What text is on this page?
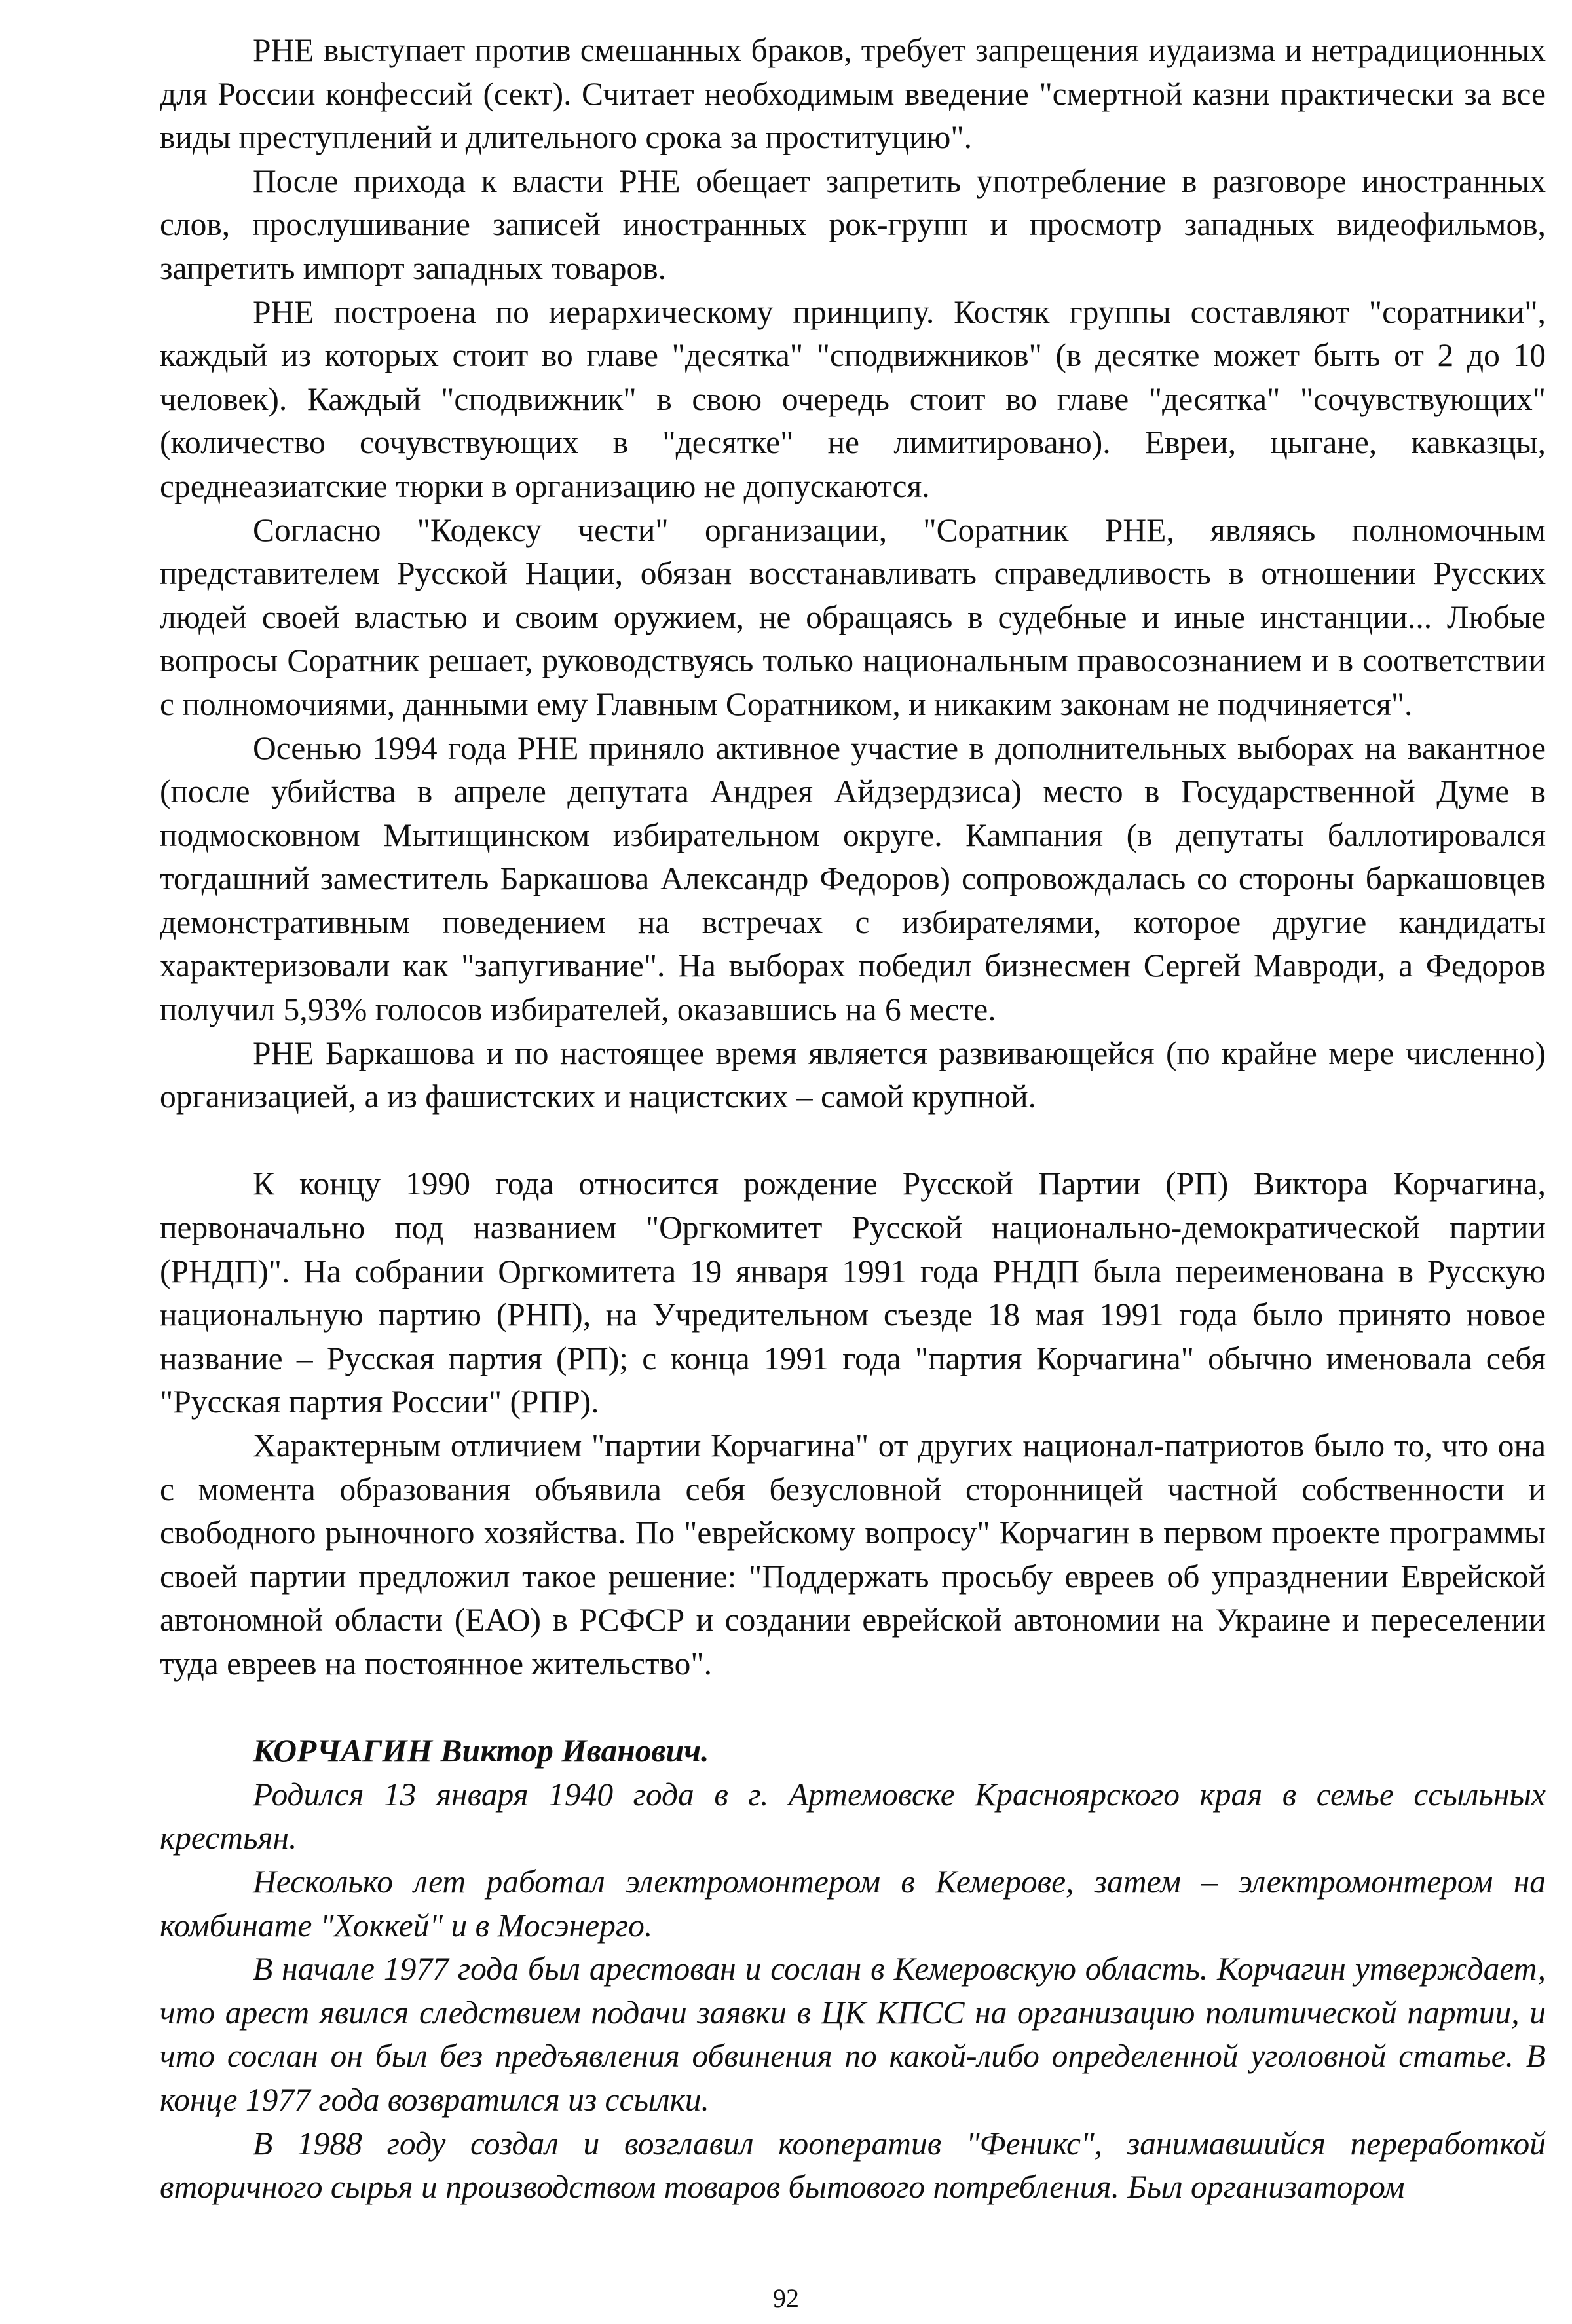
РНЕ выступает против смешанных браков, требует запрещения иудаизма и нетрадиционных для России конфессий (сект). Считает необходимым введение "смертной казни практически за все виды преступлений и длительного срока за проституцию".

После прихода к власти РНЕ обещает запретить употребление в разговоре иностранных слов, прослушивание записей иностранных рок-групп и просмотр западных видеофильмов, запретить импорт западных товаров.

РНЕ построена по иерархическому принципу. Костяк группы составляют "соратники", каждый из которых стоит во главе "десятка" "сподвижников" (в десятке может быть от 2 до 10 человек). Каждый "сподвижник" в свою очередь стоит во главе "десятка" "сочувствующих" (количество сочувствующих в "десятке" не лимитировано). Евреи, цыгане, кавказцы, среднеазиатские тюрки в организацию не допускаются.

Согласно "Кодексу чести" организации, "Соратник РНЕ, являясь полномочным представителем Русской Нации, обязан восстанавливать справедливость в отношении Русских людей своей властью и своим оружием, не обращаясь в судебные и иные инстанции... Любые вопросы Соратник решает, руководствуясь только национальным правосознанием и в соответствии с полномочиями, данными ему Главным Соратником, и никаким законам не подчиняется".

Осенью 1994 года РНЕ приняло активное участие в дополнительных выборах на вакантное (после убийства в апреле депутата Андрея Айдзердзиса) место в Государственной Думе в подмосковном Мытищинском избирательном округе. Кампания (в депутаты баллотировался тогдашний заместитель Баркашова Александр Федоров) сопровождалась со стороны баркашовцев демонстративным поведением на встречах с избирателями, которое другие кандидаты характеризовали как "запугивание". На выборах победил бизнесмен Сергей Мавроди, а Федоров получил 5,93% голосов избирателей, оказавшись на 6 месте.

РНЕ Баркашова и по настоящее время является развивающейся (по крайне мере численно) организацией, а из фашистских и нацистских – самой крупной.

К концу 1990 года относится рождение Русской Партии (РП) Виктора Корчагина, первоначально под названием "Оргкомитет Русской национально-демократической партии (РНДП)". На собрании Оргкомитета 19 января 1991 года РНДП была переименована в Русскую национальную партию (РНП), на Учредительном съезде 18 мая 1991 года было принято новое название – Русская партия (РП); с конца 1991 года "партия Корчагина" обычно именовала себя "Русская партия России" (РПР).

Характерным отличием "партии Корчагина" от других национал-патриотов было то, что она с момента образования объявила себя безусловной сторонницей частной собственности и свободного рыночного хозяйства. По "еврейскому вопросу" Корчагин в первом проекте программы своей партии предложил такое решение: "Поддержать просьбу евреев об упразднении Еврейской автономной области (ЕАО) в РСФСР и создании еврейской автономии на Украине и переселении туда евреев на постоянное жительство".

КОРЧАГИН Виктор Иванович.

Родился 13 января 1940 года в г. Артемовске Красноярского края в семье ссыльных крестьян.

Несколько лет работал электромонтером в Кемерове, затем – электромонтером на комбинате "Хоккей" и в Мосэнерго.

В начале 1977 года был арестован и сослан в Кемеровскую область. Корчагин утверждает, что арест явился следствием подачи заявки в ЦК КПСС на организацию политической партии, и что сослан он был без предъявления обвинения по какой-либо определенной уголовной статье. В конце 1977 года возвратился из ссылки.

В 1988 году создал и возглавил кооператив "Феникс", занимавшийся переработкой вторичного сырья и производством товаров бытового потребления. Был организатором

92
